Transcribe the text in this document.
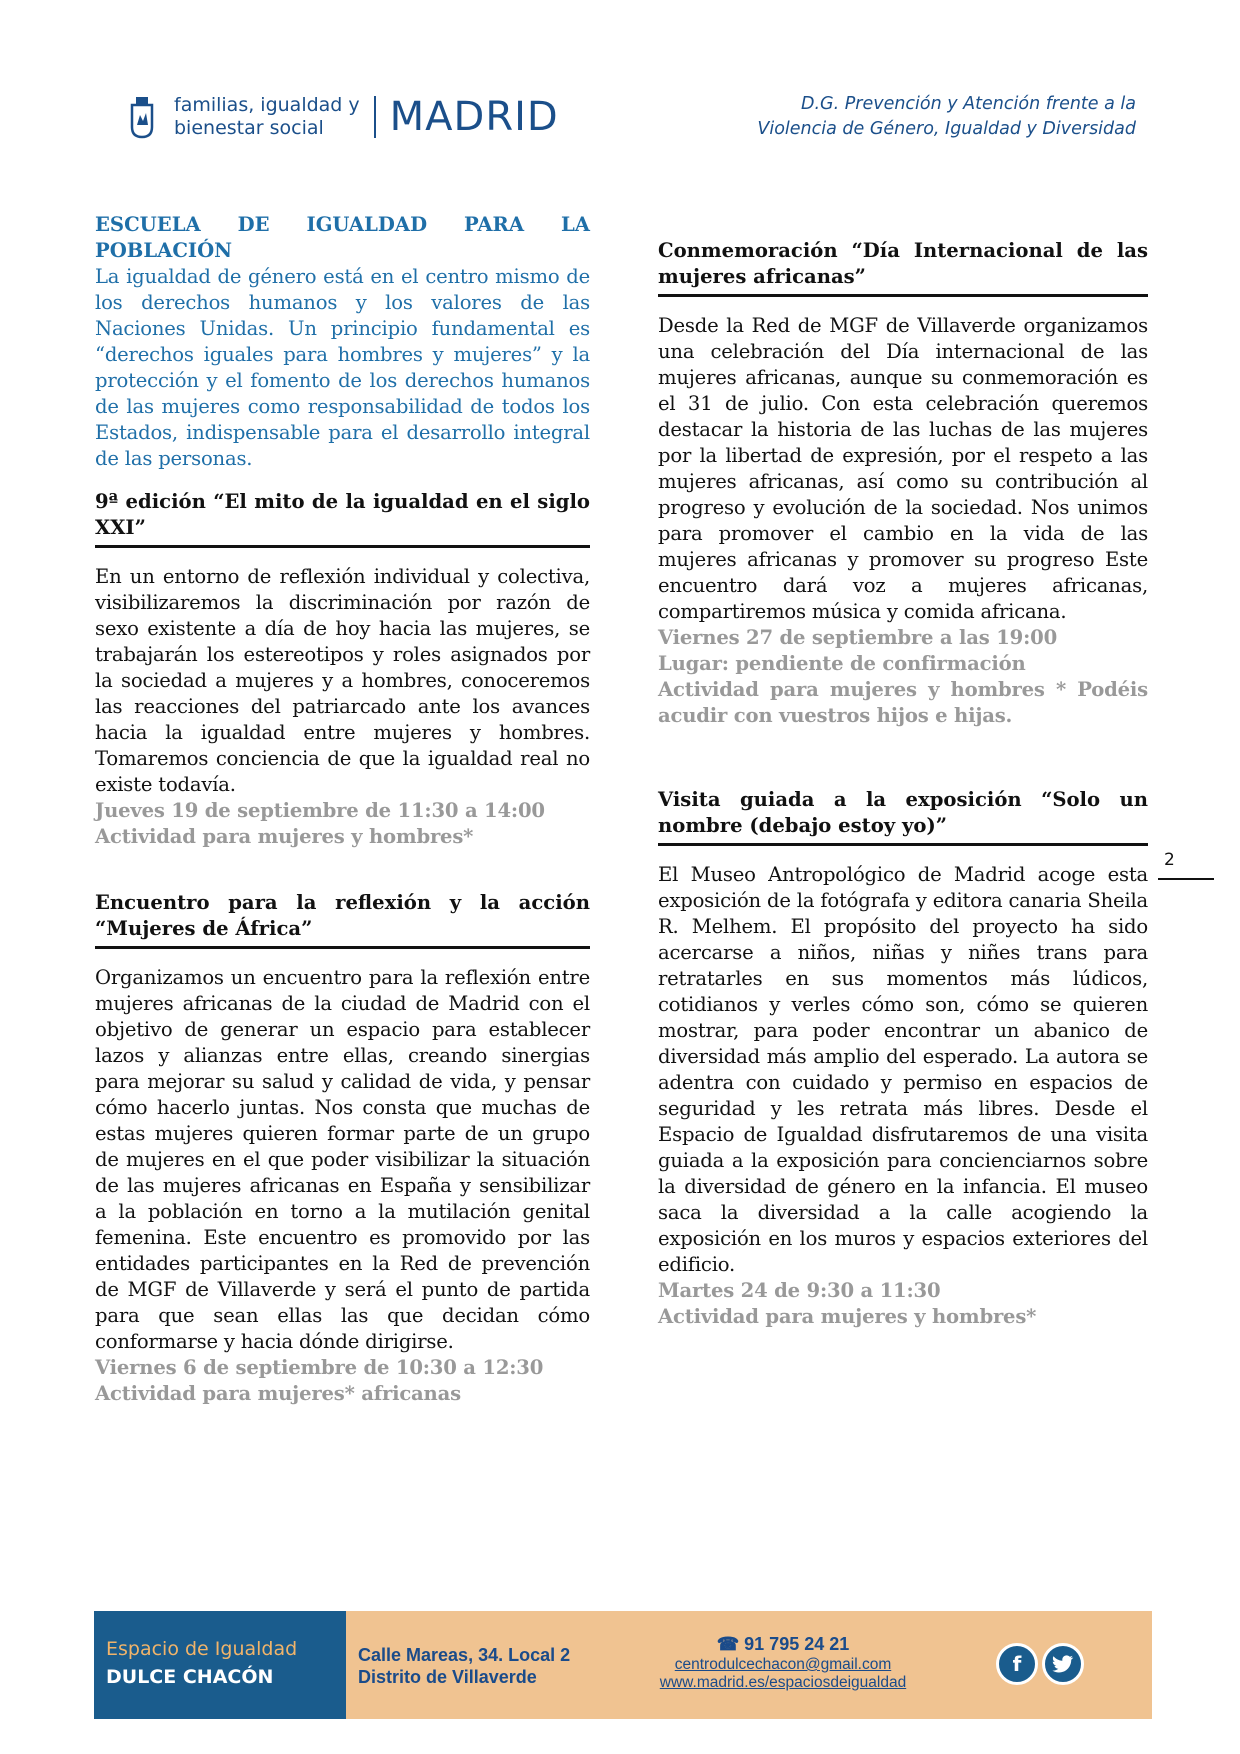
familias, igualdad y
bienestar social	MADRID	D.G. Prevención y Atención frente a la
Violencia de Género, Igualdad y Diversidad
ESCUELA DE IGUALDAD PARA LA
POBLACIÓN

La igualdad de género está en el centro mismo de los derechos humanos y los valores de las Naciones Unidas. Un principio fundamental es “derechos iguales para hombres y mujeres” y la protección y el fomento de los derechos humanos de las mujeres como responsabilidad de todos los Estados, indispensable para el desarrollo integral de las personas.

9ª edición “El mito de la igualdad en el siglo XXI”

En un entorno de reflexión individual y colectiva, visibilizaremos la discriminación por razón de sexo existente a día de hoy hacia las mujeres, se trabajarán los estereotipos y roles asignados por la sociedad a mujeres y a hombres, conoceremos las reacciones del patriarcado ante los avances hacia la igualdad entre mujeres y hombres. Tomaremos conciencia de que la igualdad real no existe todavía.

Jueves 19 de septiembre de 11:30 a 14:00

Actividad para mujeres y hombres*

Encuentro para la reflexión y la acción “Mujeres de África”

Organizamos un encuentro para la reflexión entre mujeres africanas de la ciudad de Madrid con el objetivo de generar un espacio para establecer lazos y alianzas entre ellas, creando sinergias para mejorar su salud y calidad de vida, y pensar cómo hacerlo juntas. Nos consta que muchas de estas mujeres quieren formar parte de un grupo de mujeres en el que poder visibilizar la situación de las mujeres africanas en España y sensibilizar a la población en torno a la mutilación genital femenina. Este encuentro es promovido por las entidades participantes en la Red de prevención de MGF de Villaverde y será el punto de partida para que sean ellas las que decidan cómo conformarse y hacia dónde dirigirse.

Viernes 6 de septiembre de 10:30 a 12:30

Actividad para mujeres* africanas

Conmemoración “Día Internacional de las mujeres africanas”

Desde la Red de MGF de Villaverde organizamos una celebración del Día internacional de las mujeres africanas, aunque su conmemoración es el 31 de julio. Con esta celebración queremos destacar la historia de las luchas de las mujeres por la libertad de expresión, por el respeto a las mujeres africanas, así como su contribución al progreso y evolución de la sociedad. Nos unimos para promover el cambio en la vida de las mujeres africanas y promover su progreso Este encuentro dará voz a mujeres africanas, compartiremos música y comida africana.

Viernes 27 de septiembre a las 19:00

Lugar: pendiente de confirmación

Actividad para mujeres y hombres * Podéis acudir con vuestros hijos e hijas.

Visita guiada a la exposición “Solo un nombre (debajo estoy yo)”

El Museo Antropológico de Madrid acoge esta exposición de la fotógrafa y editora canaria Sheila R. Melhem. El propósito del proyecto ha sido acercarse a niños, niñas y niñes trans para retratarles en sus momentos más lúdicos, cotidianos y verles cómo son, cómo se quieren mostrar, para poder encontrar un abanico de diversidad más amplio del esperado. La autora se adentra con cuidado y permiso en espacios de seguridad y les retrata más libres. Desde el Espacio de Igualdad disfrutaremos de una visita guiada a la exposición para concienciarnos sobre la diversidad de género en la infancia. El museo saca la diversidad a la calle acogiendo la exposición en los muros y espacios exteriores del edificio.

Martes 24 de 9:30 a 11:30

Actividad para mujeres y hombres*

2
Espacio de Igualdad
DULCE CHACÓN
Calle Mareas, 34. Local 2
Distrito de Villaverde
☎ 91 795 24 21
centrodulcechacon@gmail.com
www.madrid.es/espaciosdeigualdad
f
